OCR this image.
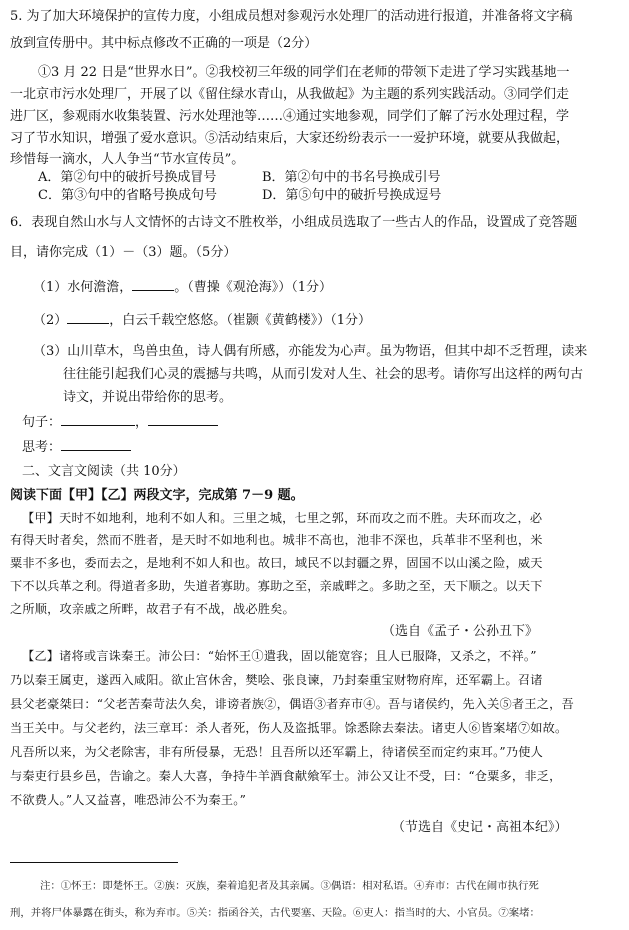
5. 为了加大环境保护的宣传力度，小组成员想对参观污水处理厂的活动进行报道，并准备将文字稿
放到宣传册中。其中标点修改不正确的一项是（2分）
①3 月 22 日是“世界水日”。②我校初三年级的同学们在老师的带领下走进了学习实践基地一
一北京市污水处理厂，开展了以《留住绿水青山，从我做起》为主题的系列实践活动。③同学们走
进厂区，参观雨水收集装置、污水处理池等……④通过实地参观，同学们了解了污水处理过程，学
习了节水知识，增强了爱水意识。⑤活动结束后，大家还纷纷表示一一爱护环境，就要从我做起，
珍惜每一滴水，人人争当“节水宣传员”。
A．第②句中的破折号换成冒号	B．第②句中的书名号换成引号
C．第③句中的省略号换成句号	D．第⑤句中的破折号换成逗号
6．表现自然山水与人文情怀的古诗文不胜枚举，小组成员选取了一些古人的作品，设置成了竞答题
目，请你完成（1）－（3）题。（5分）
（1）水何澹澹，	。（曹操《观沧海》）（1分）
（2）	，白云千载空悠悠。（崔颢《黄鹤楼》）（1分）
（3）山川草木，鸟兽虫鱼，诗人偶有所感，亦能发为心声。虽为物语，但其中却不乏哲理，读来
往往能引起我们心灵的震撼与共鸣，从而引发对人生、社会的思考。请你写出这样的两句古
诗文，并说出带给你的思考。
句子：	，
思考：
二、文言文阅读（共 10分）
阅读下面【甲】【乙】两段文字，完成第 7－9 题。
【甲】天时不如地利，地利不如人和。三里之城，七里之郭，环而攻之而不胜。夫环而攻之，必
有得天时者矣，然而不胜者，是天时不如地利也。城非不高也，池非不深也，兵革非不坚利也，米
粟非不多也，委而去之，是地利不如人和也。故曰，域民不以封疆之界，固国不以山溪之险，威天
下不以兵革之利。得道者多助，失道者寡助。寡助之至，亲戚畔之。多助之至，天下顺之。以天下
之所顺，攻亲戚之所畔，故君子有不战，战必胜矣。
（选自《孟子・公孙丑下》
【乙】诸将或言诛秦王。沛公曰：“始怀王①遣我，固以能宽容；且人已服降，又杀之，不祥。”
乃以秦王属吏，遂西入咸阳。欲止宫休舍，樊哙、张良谏，乃封秦重宝财物府库，还军霸上。召诸
县父老豪桀曰：“父老苦秦苛法久矣，诽谤者族②，偶语③者弃市④。吾与诸侯约，先入关⑤者王之，吾
当王关中。与父老约，法三章耳：杀人者死，伤人及盗抵罪。馀悉除去秦法。诸吏人⑥皆案堵⑦如故。
凡吾所以来，为父老除害，非有所侵暴，无恐！且吾所以还军霸上，待诸侯至而定约束耳。”乃使人
与秦吏行县乡邑，告谕之。秦人大喜，争持牛羊酒食献飨军士。沛公又让不受，曰：“仓粟多，非乏，
不欲费人。”人又益喜，唯恐沛公不为秦王。”
（节选自《史记・高祖本纪》）
注：①怀王：即楚怀王。②族：灭族，秦着追犯者及其亲属。③偶语：相对私语。④弃市：古代在闹市执行死
刑，并将尸体暴露在街头，称为弃市。⑤关：指函谷关，古代要塞、天险。⑥吏人：指当时的大、小官员。⑦案堵：
